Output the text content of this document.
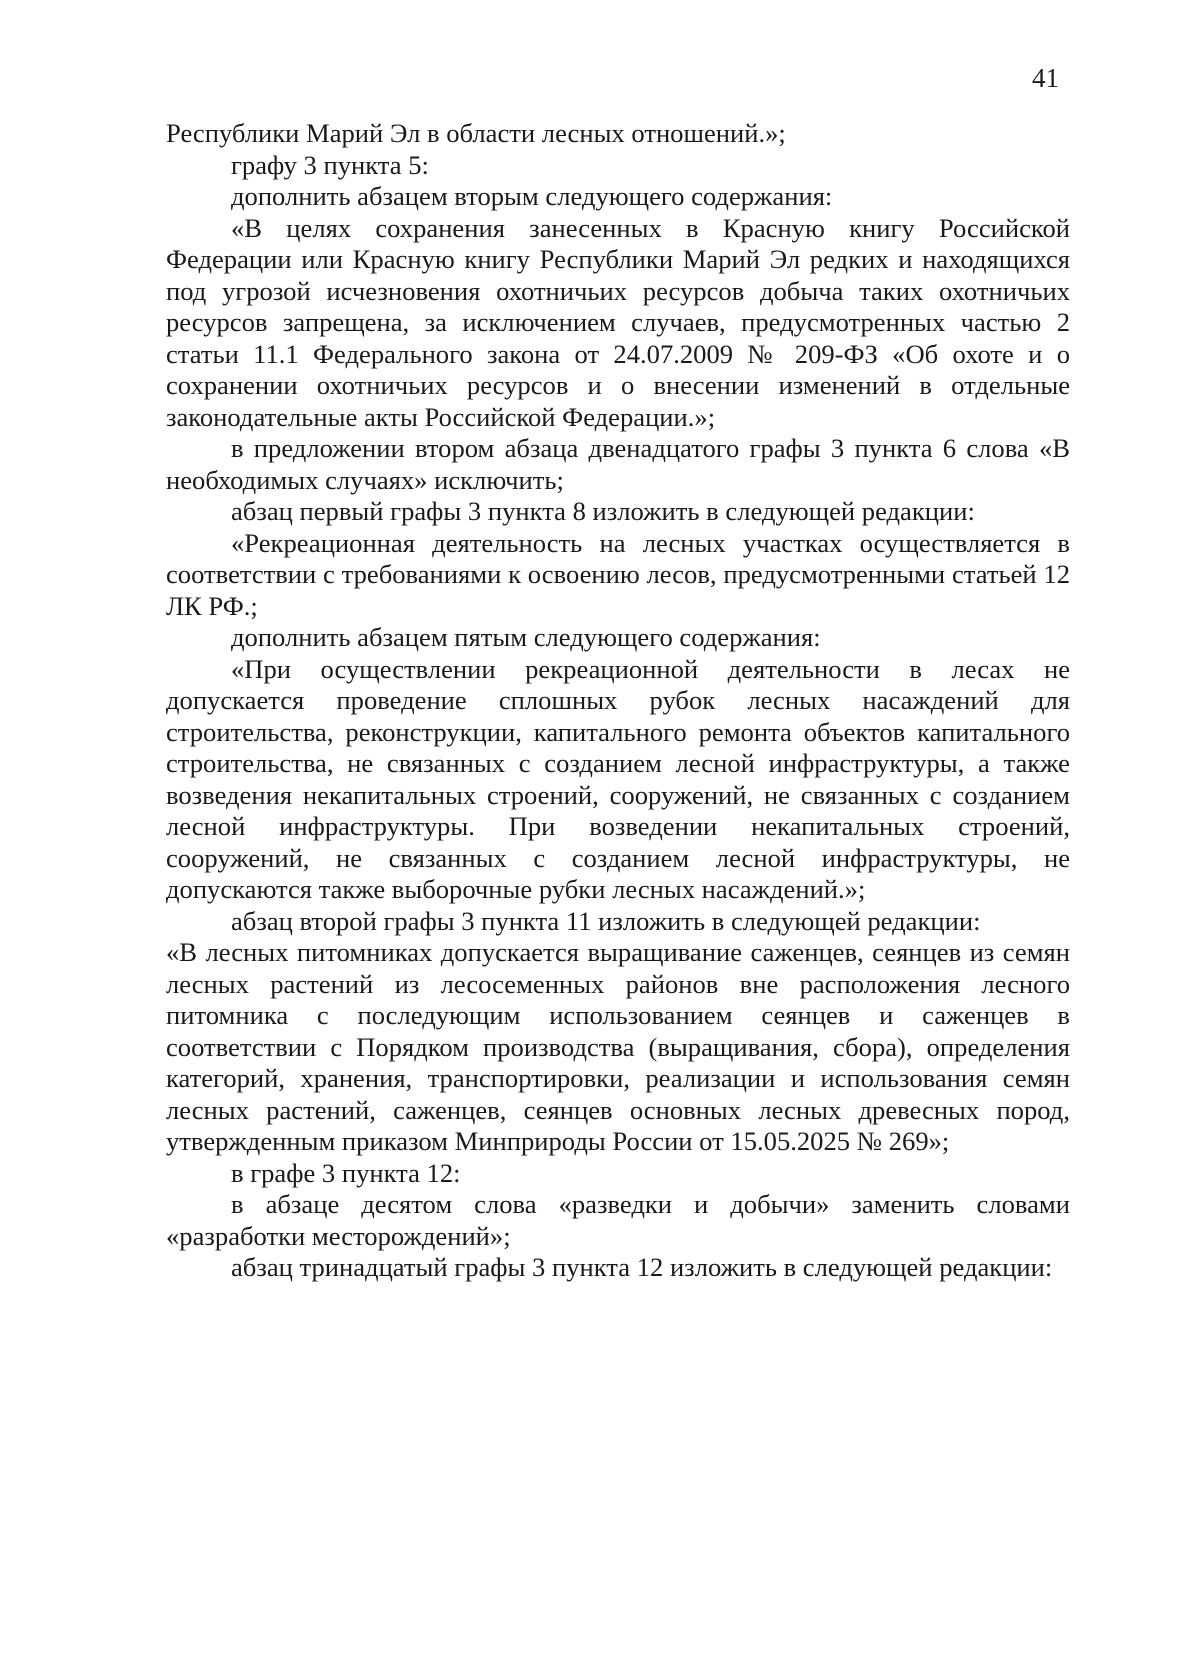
41

Республики Марий Эл в области лесных отношений.»;

графу 3 пункта 5:

дополнить абзацем вторым следующего содержания:

«В целях сохранения занесенных в Красную книгу Российской Федерации или Красную книгу Республики Марий Эл редких и находящихся под угрозой исчезновения охотничьих ресурсов добыча таких охотничьих ресурсов запрещена, за исключением случаев, предусмотренных частью 2 статьи 11.1 Федерального закона от 24.07.2009 № 209-ФЗ «Об охоте и о сохранении охотничьих ресурсов и о внесении изменений в отдельные законодательные акты Российской Федерации.»;

в предложении втором абзаца двенадцатого графы 3 пункта 6 слова «В необходимых случаях» исключить;

абзац первый графы 3 пункта 8 изложить в следующей редакции:

«Рекреационная деятельность на лесных участках осуществляется в соответствии с требованиями к освоению лесов, предусмотренными статьей 12 ЛК РФ.;

дополнить абзацем пятым следующего содержания:

«При осуществлении рекреационной деятельности в лесах не допускается проведение сплошных рубок лесных насаждений для строительства, реконструкции, капитального ремонта объектов капитального строительства, не связанных с созданием лесной инфраструктуры, а также возведения некапитальных строений, сооружений, не связанных с созданием лесной инфраструктуры. При возведении некапитальных строений, сооружений, не связанных с созданием лесной инфраструктуры, не допускаются также выборочные рубки лесных насаждений.»;

абзац второй графы 3 пункта 11 изложить в следующей редакции:

«В лесных питомниках допускается выращивание саженцев, сеянцев из семян лесных растений из лесосеменных районов вне расположения лесного питомника с последующим использованием сеянцев и саженцев в соответствии с Порядком производства (выращивания, сбора), определения категорий, хранения, транспортировки, реализации и использования семян лесных растений, саженцев, сеянцев основных лесных древесных пород, утвержденным приказом Минприроды России от 15.05.2025 № 269»;

в графе 3 пункта 12:

в абзаце десятом слова «разведки и добычи» заменить словами «разработки месторождений»;

абзац тринадцатый графы 3 пункта 12 изложить в следующей редакции:
